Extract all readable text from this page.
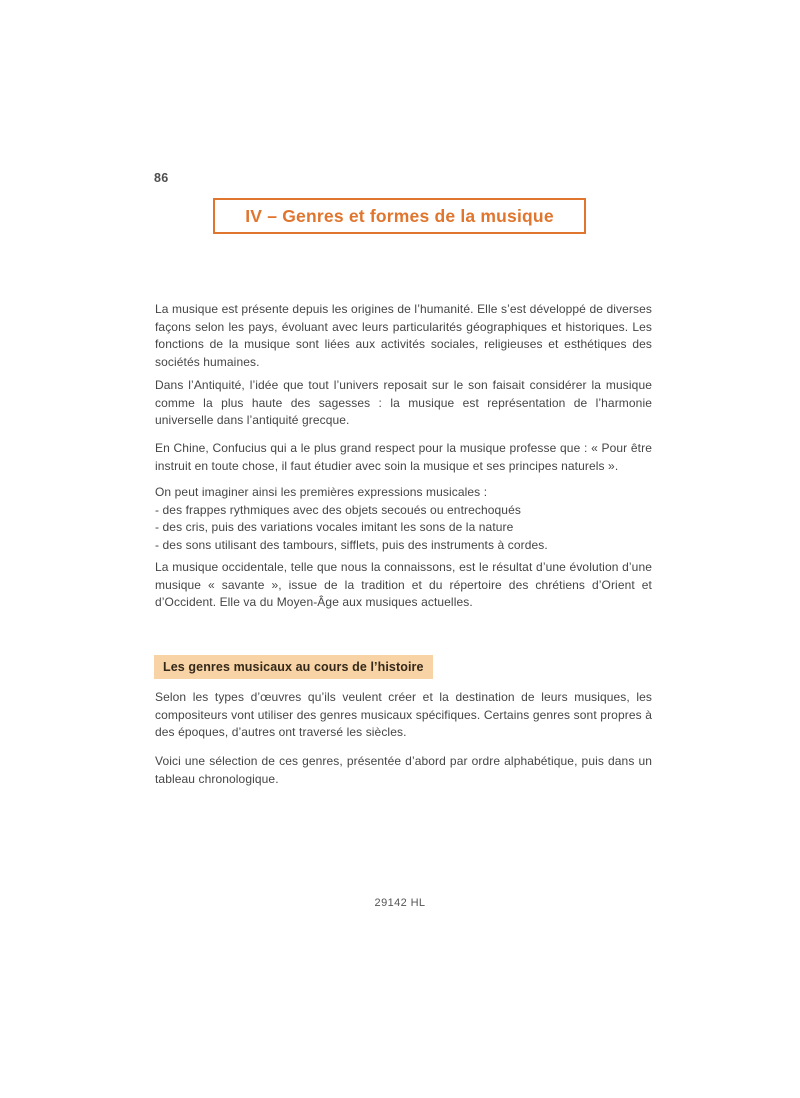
86
IV – Genres et formes de la musique
La musique est présente depuis les origines de l’humanité. Elle s’est développé de diverses façons selon les pays, évoluant avec leurs particularités géographiques et historiques. Les fonctions de la musique sont liées aux activités sociales, religieuses et esthétiques des sociétés humaines.
Dans l’Antiquité, l’idée que tout l’univers reposait sur le son faisait considérer la musique comme la plus haute des sagesses : la musique est représentation de l’harmonie universelle dans l’antiquité grecque.
En Chine, Confucius qui a le plus grand respect pour la musique professe que : « Pour être instruit en toute chose, il faut étudier avec soin la musique et ses principes naturels ».
On peut imaginer ainsi les premières expressions musicales :
- des frappes rythmiques avec des objets secoués ou entrechoqués
- des cris, puis des variations vocales imitant les sons de la nature
- des sons utilisant des tambours, sifflets, puis des instruments à cordes.
La musique occidentale, telle que nous la connaissons, est le résultat d’une évolution d’une musique « savante », issue de la tradition et du répertoire des chrétiens d’Orient et d’Occident. Elle va du Moyen-Âge aux musiques actuelles.
Les genres musicaux au cours de l’histoire
Selon les types d’œuvres qu’ils veulent créer et la destination de leurs musiques, les compositeurs vont utiliser des genres musicaux spécifiques. Certains genres sont propres à des époques, d’autres ont traversé les siècles.
Voici une sélection de ces genres, présentée d’abord par ordre alphabétique, puis dans un tableau chronologique.
29142 HL
